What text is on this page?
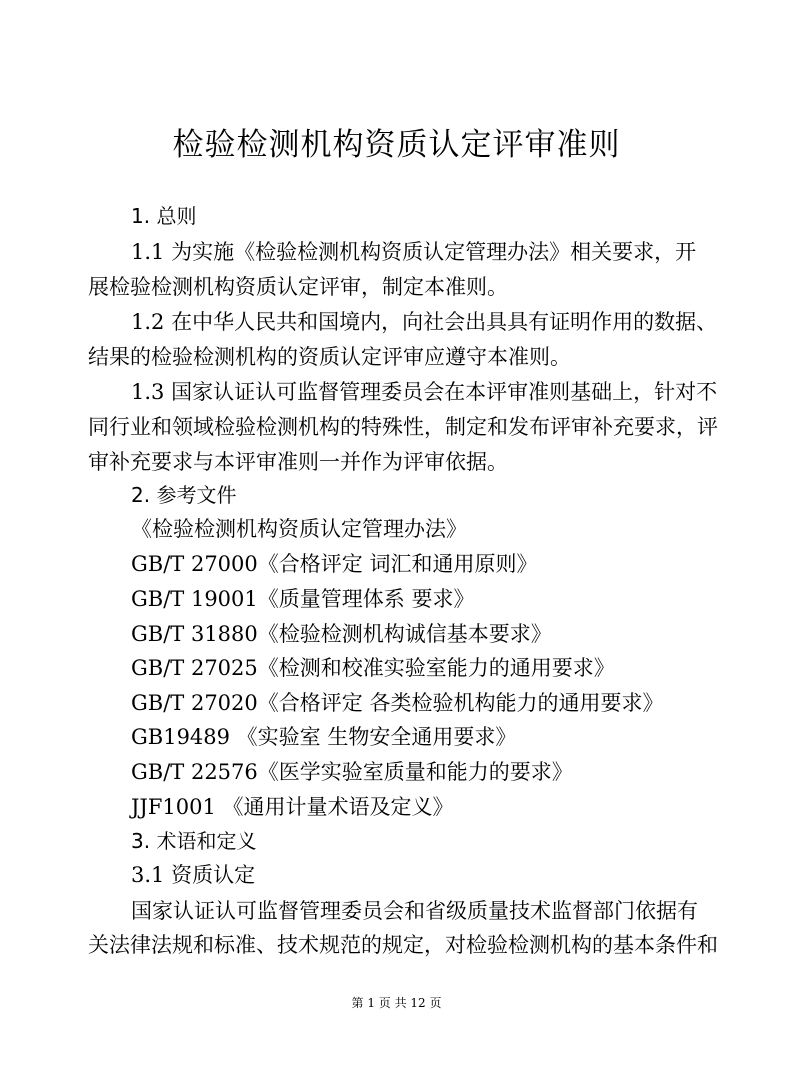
检验检测机构资质认定评审准则

1. 总则

1.1 为实施《检验检测机构资质认定管理办法》相关要求，开

展检验检测机构资质认定评审，制定本准则。

1.2 在中华人民共和国境内，向社会出具具有证明作用的数据、

结果的检验检测机构的资质认定评审应遵守本准则。

1.3 国家认证认可监督管理委员会在本评审准则基础上，针对不

同行业和领域检验检测机构的特殊性，制定和发布评审补充要求，评

审补充要求与本评审准则一并作为评审依据。

2. 参考文件

《检验检测机构资质认定管理办法》

GB/T 27000《合格评定 词汇和通用原则》

GB/T 19001《质量管理体系 要求》

GB/T 31880《检验检测机构诚信基本要求》

GB/T 27025《检测和校准实验室能力的通用要求》

GB/T 27020《合格评定 各类检验机构能力的通用要求》

GB19489 《实验室 生物安全通用要求》

GB/T 22576《医学实验室质量和能力的要求》

JJF1001 《通用计量术语及定义》

3. 术语和定义

3.1 资质认定

国家认证认可监督管理委员会和省级质量技术监督部门依据有

关法律法规和标准、技术规范的规定，对检验检测机构的基本条件和

第 1 页 共 12 页
